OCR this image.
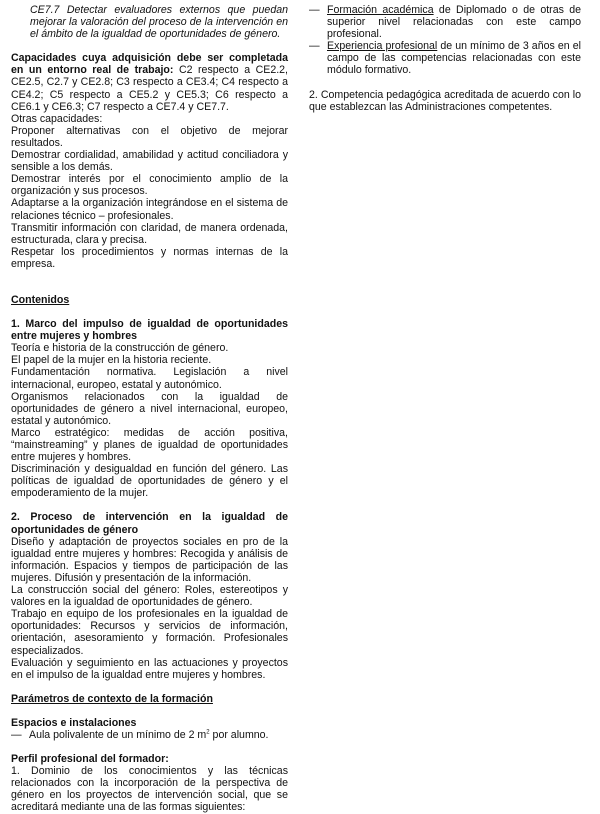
CE7.7 Detectar evaluadores externos que puedan mejorar la valoración del proceso de la intervención en el ámbito de la igualdad de oportunidades de género.

Capacidades cuya adquisición debe ser completada en un entorno real de trabajo: C2 respecto a CE2.2, CE2.5, C2.7 y CE2.8; C3 respecto a CE3.4; C4 respecto a CE4.2; C5 respecto a CE5.2 y CE5.3; C6 respecto a CE6.1 y CE6.3; C7 respecto a CE7.4 y CE7.7.

Otras capacidades:

Proponer alternativas con el objetivo de mejorar resultados.

Demostrar cordialidad, amabilidad y actitud conciliadora y sensible a los demás.

Demostrar interés por el conocimiento amplio de la organización y sus procesos.

Adaptarse a la organización integrándose en el sistema de relaciones técnico – profesionales.

Transmitir información con claridad, de manera ordenada, estructurada, clara y precisa.

Respetar los procedimientos y normas internas de la empresa.

Contenidos

1. Marco del impulso de igualdad de oportunidades entre mujeres y hombres

Teoría e historia de la construcción de género.

El papel de la mujer en la historia reciente.

Fundamentación normativa. Legislación a nivel internacional, europeo, estatal y autonómico.

Organismos relacionados con la igualdad de oportunidades de género a nivel internacional, europeo, estatal y autonómico.

Marco estratégico: medidas de acción positiva, “mainstreaming” y planes de igualdad de oportunidades entre mujeres y hombres.

Discriminación y desigualdad en función del género. Las políticas de igualdad de oportunidades de género y el empoderamiento de la mujer.

2. Proceso de intervención en la igualdad de oportunidades de género

Diseño y adaptación de proyectos sociales en pro de la igualdad entre mujeres y hombres: Recogida y análisis de información. Espacios y tiempos de participación de las mujeres. Difusión y presentación de la información.

La construcción social del género: Roles, estereotipos y valores en la igualdad de oportunidades de género.

Trabajo en equipo de los profesionales en la igualdad de oportunidades: Recursos y servicios de información, orientación, asesoramiento y formación. Profesionales especializados.

Evaluación y seguimiento en las actuaciones y proyectos en el impulso de la igualdad entre mujeres y hombres.

Parámetros de contexto de la formación

Espacios e instalaciones

— Aula polivalente de un mínimo de 2 $m^2$ por alumno.

Perfil profesional del formador:

1. Dominio de los conocimientos y las técnicas relacionados con la incorporación de la perspectiva de género en los proyectos de intervención social, que se acreditará mediante una de las formas siguientes:

— Formación académica de Diplomado o de otras de superior nivel relacionadas con este campo profesional.
— Experiencia profesional de un mínimo de 3 años en el campo de las competencias relacionadas con este módulo formativo.

2. Competencia pedagógica acreditada de acuerdo con lo que establezcan las Administraciones competentes.
